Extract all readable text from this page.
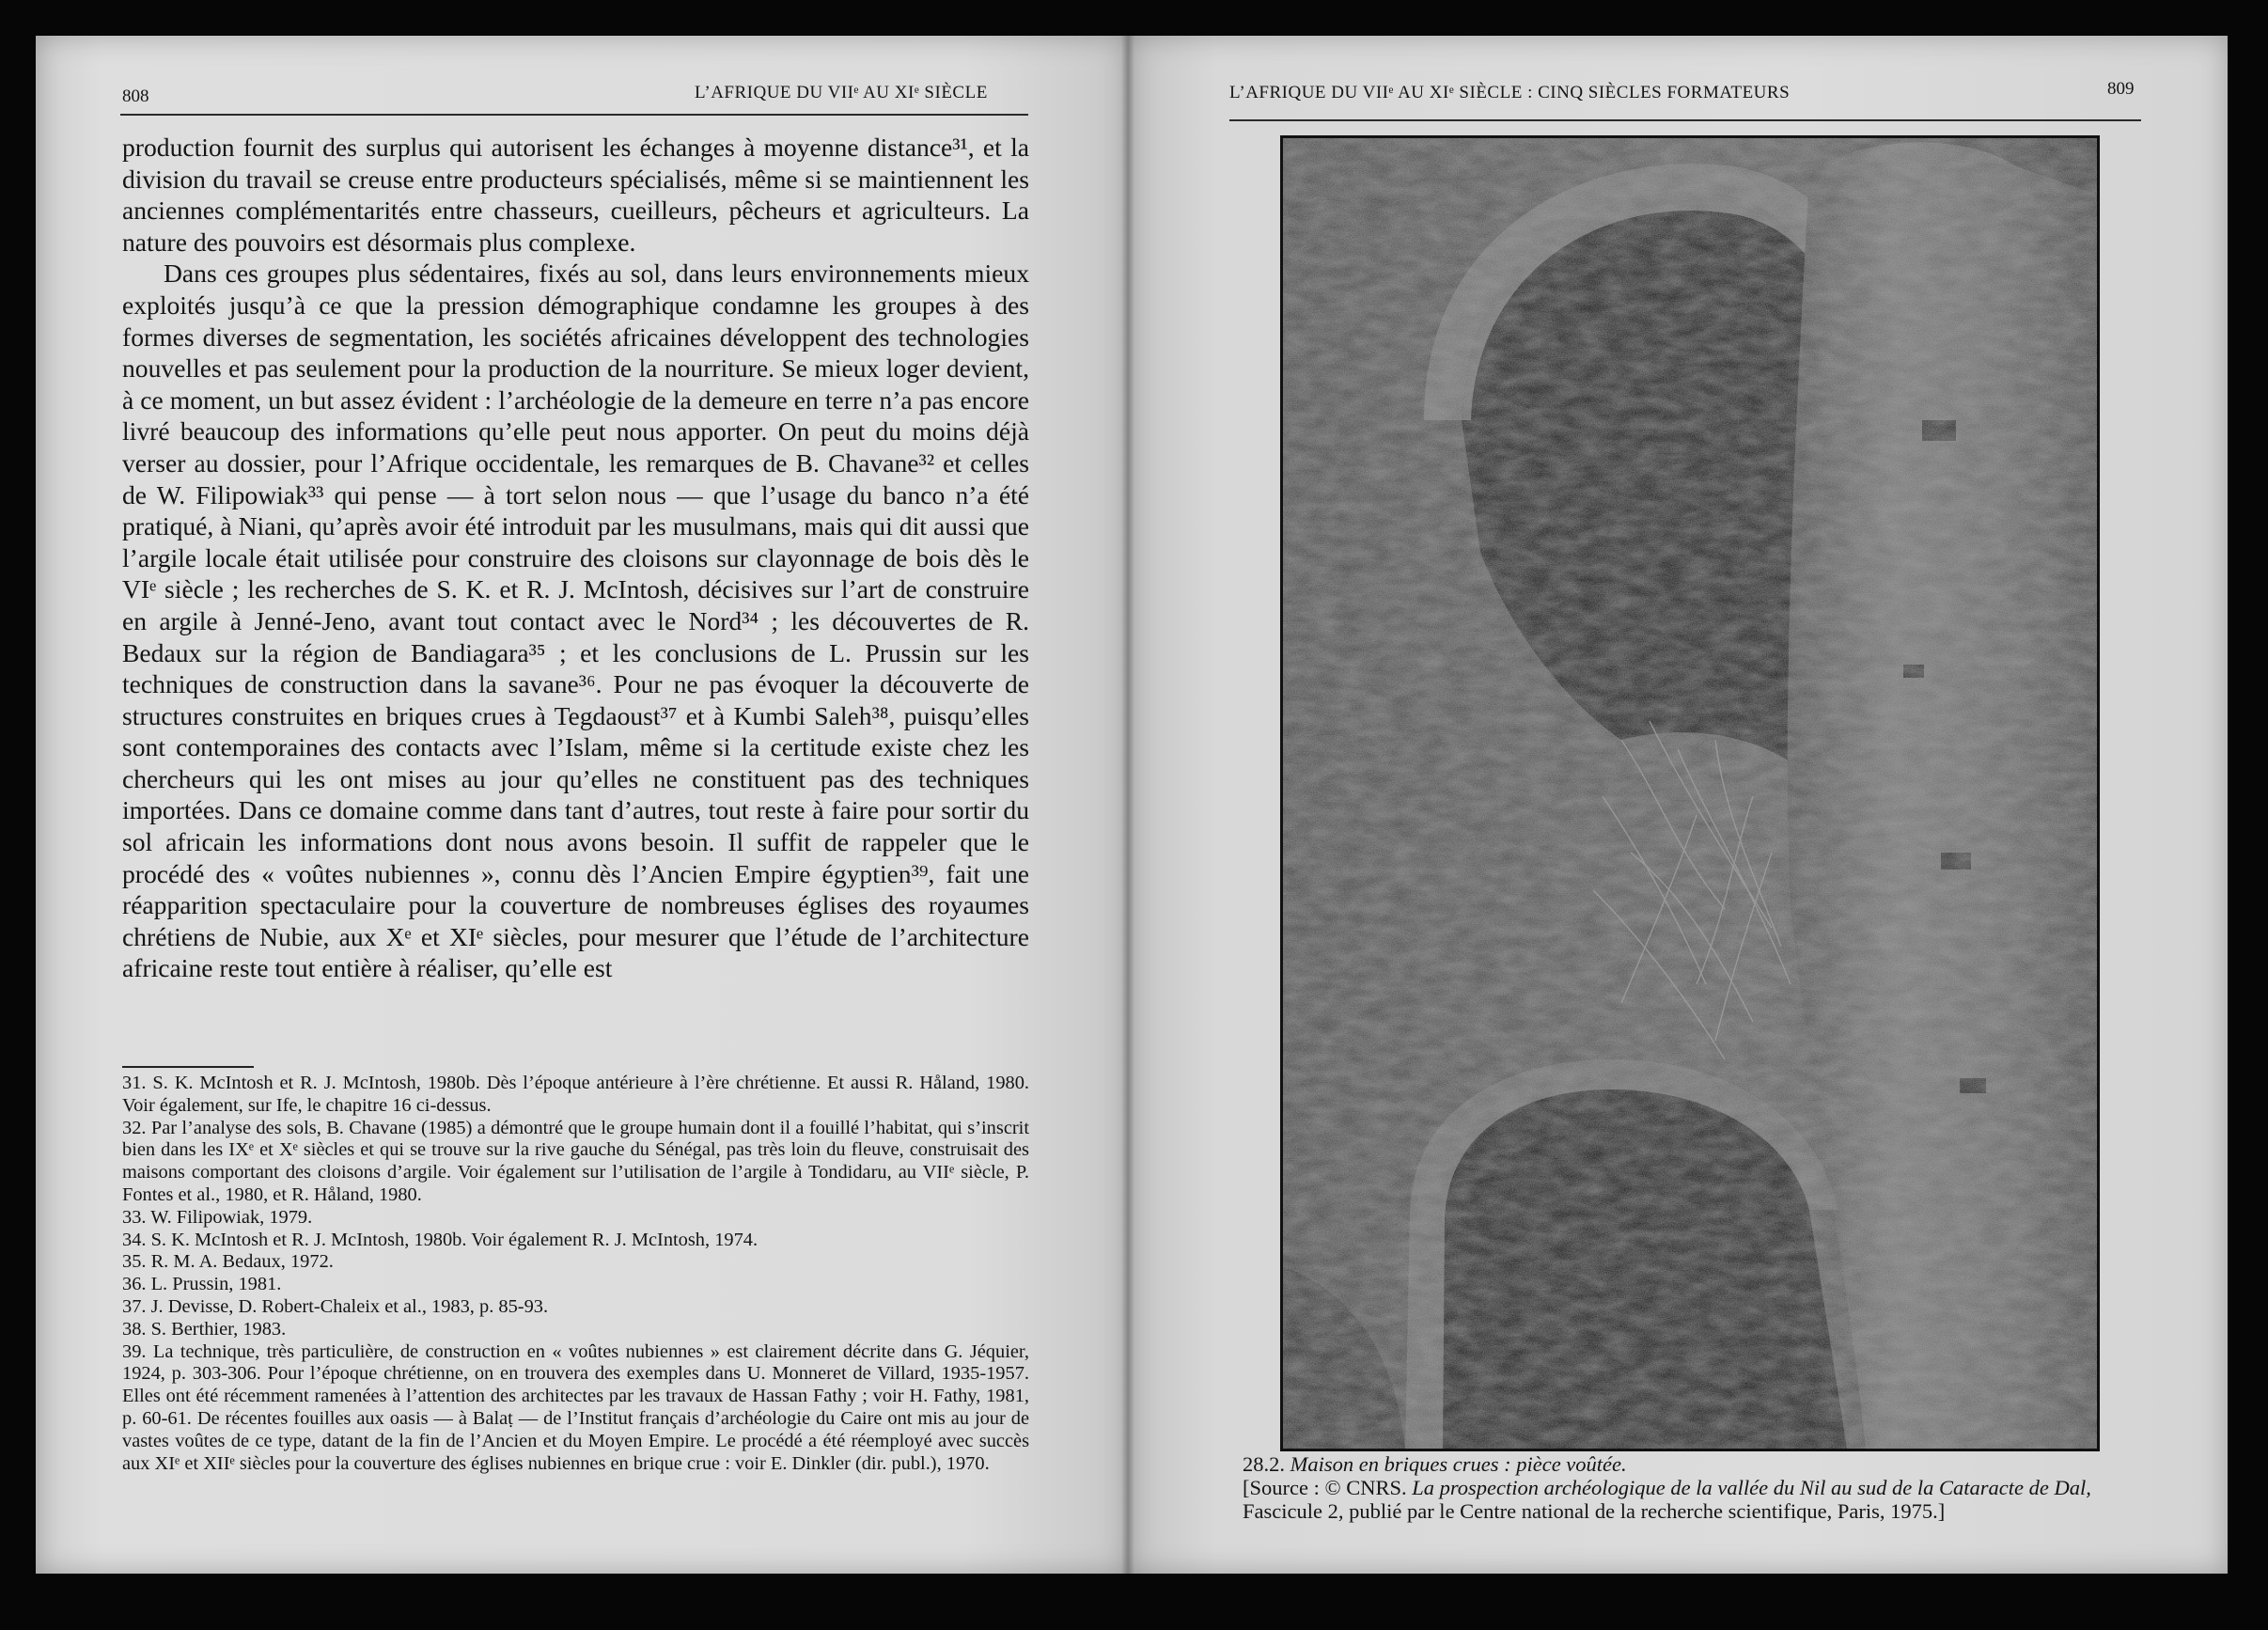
808	L’AFRIQUE DU VIIᵉ AU XIᵉ SIÈCLE

production fournit des surplus qui autorisent les échanges à moyenne distance³¹, et la division du travail se creuse entre producteurs spécialisés, même si se maintiennent les anciennes complémentarités entre chasseurs, cueilleurs, pêcheurs et agriculteurs. La nature des pouvoirs est désormais plus complexe.

Dans ces groupes plus sédentaires, fixés au sol, dans leurs environnements mieux exploités jusqu’à ce que la pression démographique condamne les groupes à des formes diverses de segmentation, les sociétés africaines développent des technologies nouvelles et pas seulement pour la production de la nourriture. Se mieux loger devient, à ce moment, un but assez évident : l’archéologie de la demeure en terre n’a pas encore livré beaucoup des informations qu’elle peut nous apporter. On peut du moins déjà verser au dossier, pour l’Afrique occidentale, les remarques de B. Chavane³² et celles de W. Filipowiak³³ qui pense — à tort selon nous — que l’usage du banco n’a été pratiqué, à Niani, qu’après avoir été introduit par les musulmans, mais qui dit aussi que l’argile locale était utilisée pour construire des cloisons sur clayonnage de bois dès le VIᵉ siècle ; les recherches de S. K. et R. J. McIntosh, décisives sur l’art de construire en argile à Jenné-Jeno, avant tout contact avec le Nord³⁴ ; les découvertes de R. Bedaux sur la région de Bandiagara³⁵ ; et les conclusions de L. Prussin sur les techniques de construction dans la savane³⁶. Pour ne pas évoquer la découverte de structures construites en briques crues à Tegdaoust³⁷ et à Kumbi Saleh³⁸, puisqu’elles sont contemporaines des contacts avec l’Islam, même si la certitude existe chez les chercheurs qui les ont mises au jour qu’elles ne constituent pas des techniques importées. Dans ce domaine comme dans tant d’autres, tout reste à faire pour sortir du sol africain les informations dont nous avons besoin. Il suffit de rappeler que le procédé des « voûtes nubiennes », connu dès l’Ancien Empire égyptien³⁹, fait une réapparition spectaculaire pour la couverture de nombreuses églises des royaumes chrétiens de Nubie, aux Xᵉ et XIᵉ siècles, pour mesurer que l’étude de l’architecture africaine reste tout entière à réaliser, qu’elle est

31. S. K. McIntosh et R. J. McIntosh, 1980b. Dès l’époque antérieure à l’ère chrétienne. Et aussi R. Håland, 1980. Voir également, sur Ife, le chapitre 16 ci-dessus.

32. Par l’analyse des sols, B. Chavane (1985) a démontré que le groupe humain dont il a fouillé l’habitat, qui s’inscrit bien dans les IXᵉ et Xᵉ siècles et qui se trouve sur la rive gauche du Sénégal, pas très loin du fleuve, construisait des maisons comportant des cloisons d’argile. Voir également sur l’utilisation de l’argile à Tondidaru, au VIIᵉ siècle, P. Fontes et al., 1980, et R. Håland, 1980.

33. W. Filipowiak, 1979.

34. S. K. McIntosh et R. J. McIntosh, 1980b. Voir également R. J. McIntosh, 1974.

35. R. M. A. Bedaux, 1972.

36. L. Prussin, 1981.

37. J. Devisse, D. Robert-Chaleix et al., 1983, p. 85-93.

38. S. Berthier, 1983.

39. La technique, très particulière, de construction en « voûtes nubiennes » est clairement décrite dans G. Jéquier, 1924, p. 303-306. Pour l’époque chrétienne, on en trouvera des exemples dans U. Monneret de Villard, 1935-1957. Elles ont été récemment ramenées à l’attention des architectes par les travaux de Hassan Fathy ; voir H. Fathy, 1981, p. 60-61. De récentes fouilles aux oasis — à Balaṭ — de l’Institut français d’archéologie du Caire ont mis au jour de vastes voûtes de ce type, datant de la fin de l’Ancien et du Moyen Empire. Le procédé a été réemployé avec succès aux XIᵉ et XIIᵉ siècles pour la couverture des églises nubiennes en brique crue : voir E. Dinkler (dir. publ.), 1970.

L’AFRIQUE DU VIIᵉ AU XIᵉ SIÈCLE : CINQ SIÈCLES FORMATEURS	809
28.2. Maison en briques crues : pièce voûtée.
[Source : © CNRS. La prospection archéologique de la vallée du Nil au sud de la Cataracte de Dal,
Fascicule 2, publié par le Centre national de la recherche scientifique, Paris, 1975.]
